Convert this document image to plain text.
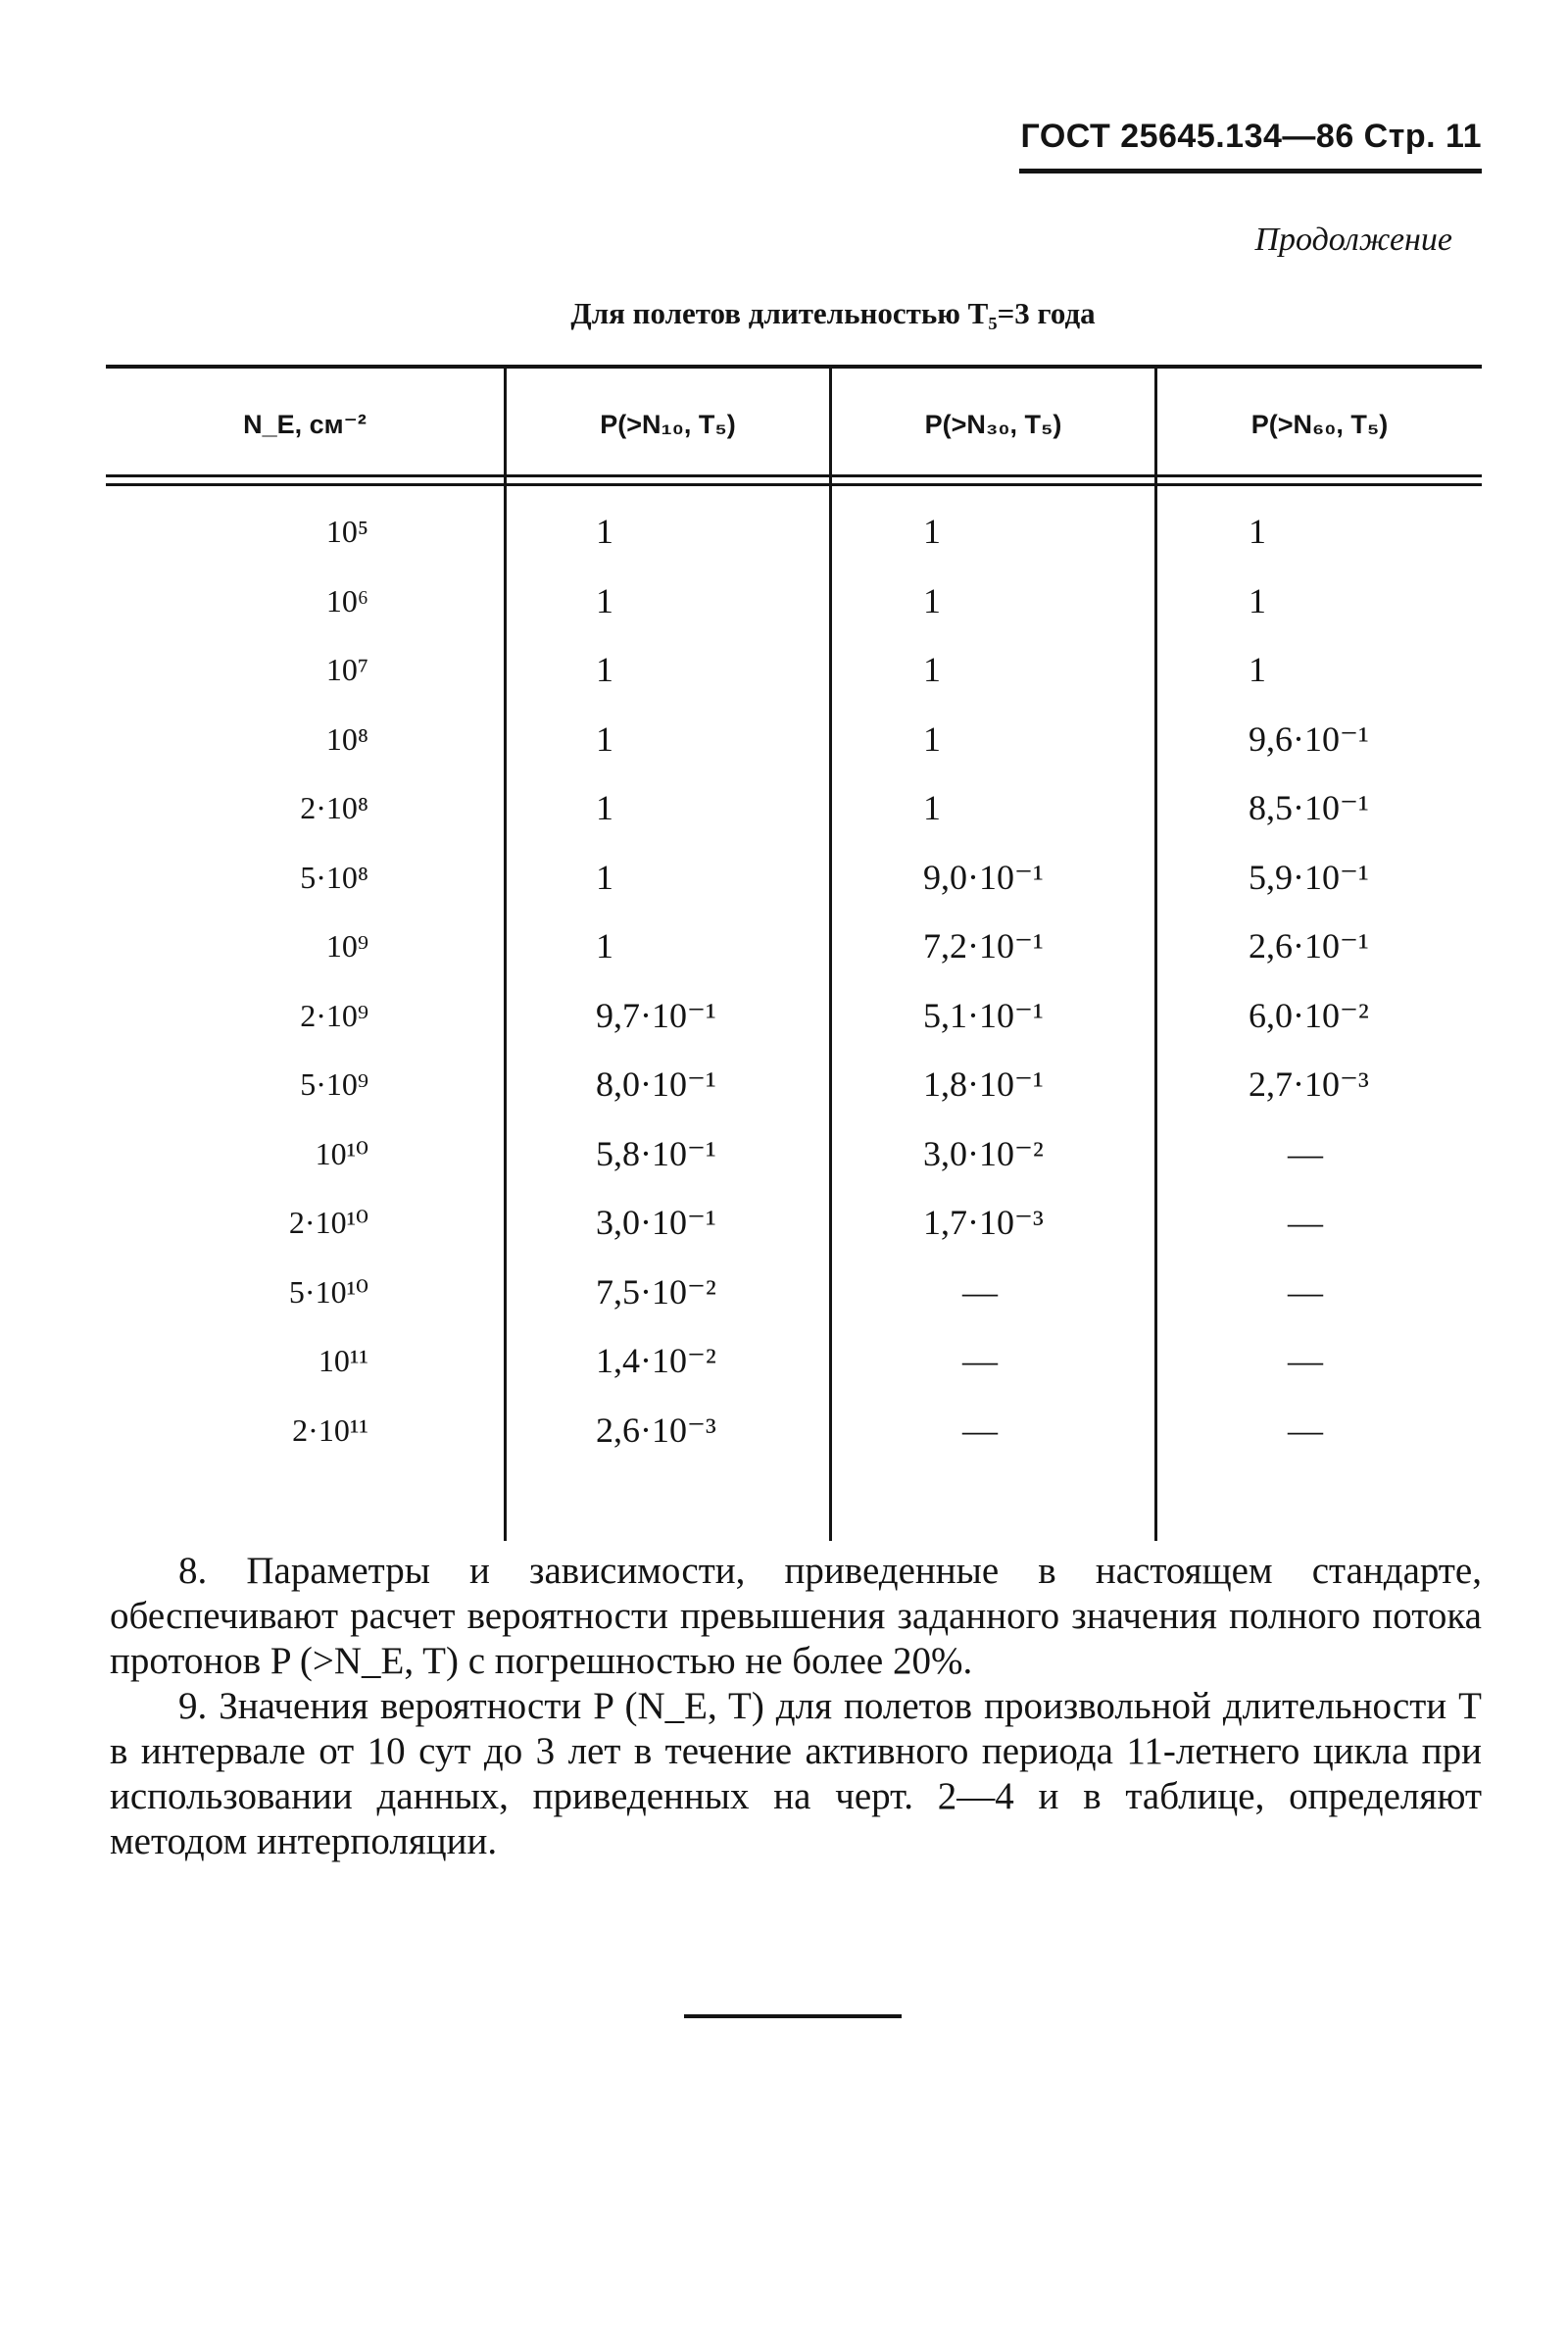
ГОСТ 25645.134—86 Стр. 11
Продолжение
Для полетов длительностью T₅=3 года
N_E, см⁻²	P(>N₁₀, T₅)	P(>N₃₀, T₅)	P(>N₆₀, T₅)
10⁵	1	1	1
10⁶	1	1	1
10⁷	1	1	1
10⁸	1	1	9,6·10⁻¹
2·10⁸	1	1	8,5·10⁻¹
5·10⁸	1	9,0·10⁻¹	5,9·10⁻¹
10⁹	1	7,2·10⁻¹	2,6·10⁻¹
2·10⁹	9,7·10⁻¹	5,1·10⁻¹	6,0·10⁻²
5·10⁹	8,0·10⁻¹	1,8·10⁻¹	2,7·10⁻³
10¹⁰	5,8·10⁻¹	3,0·10⁻²	—
2·10¹⁰	3,0·10⁻¹	1,7·10⁻³	—
5·10¹⁰	7,5·10⁻²	—	—
10¹¹	1,4·10⁻²	—	—
2·10¹¹	2,6·10⁻³	—	—

8. Параметры и зависимости, приведенные в настоящем стандарте, обеспечивают расчет вероятности превышения заданного значения полного потока протонов P (>N_E, T) с погрешностью не более 20%.

9. Значения вероятности P (N_E, T) для полетов произвольной длительности T в интервале от 10 сут до 3 лет в течение активного периода 11-летнего цикла при использовании данных, приведенных на черт. 2—4 и в таблице, определяют методом интерполяции.
